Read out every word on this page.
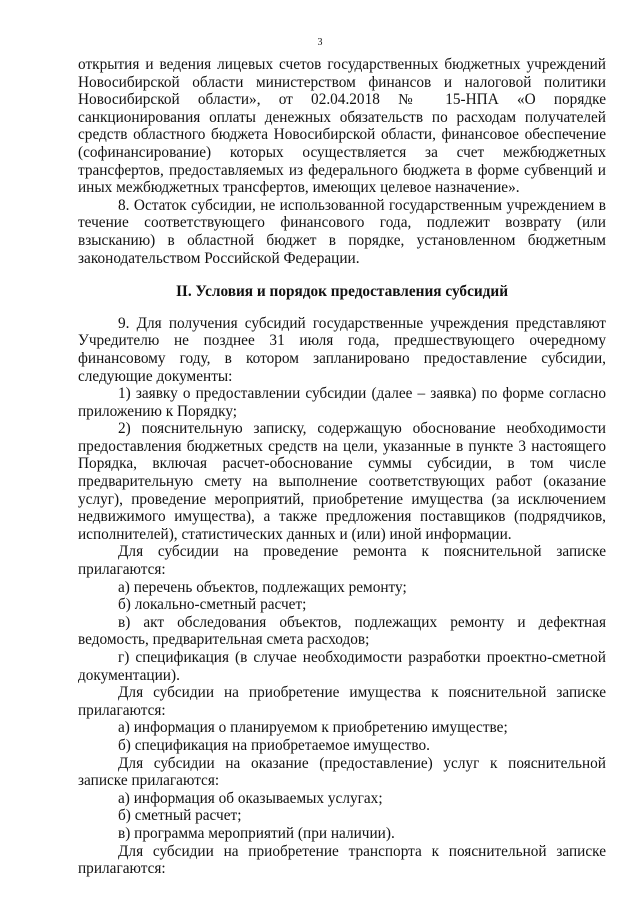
3

открытия и ведения лицевых счетов государственных бюджетных учреждений Новосибирской области министерством финансов и налоговой политики Новосибирской области», от 02.04.2018 № 15-НПА «О порядке санкционирования оплаты денежных обязательств по расходам получателей средств областного бюджета Новосибирской области, финансовое обеспечение (софинансирование) которых осуществляется за счет межбюджетных трансфертов, предоставляемых из федерального бюджета в форме субвенций и иных межбюджетных трансфертов, имеющих целевое назначение».

8. Остаток субсидии, не использованной государственным учреждением в течение соответствующего финансового года, подлежит возврату (или взысканию) в областной бюджет в порядке, установленном бюджетным законодательством Российской Федерации.

II. Условия и порядок предоставления субсидий

9. Для получения субсидий государственные учреждения представляют Учредителю не позднее 31 июля года, предшествующего очередному финансовому году, в котором запланировано предоставление субсидии, следующие документы:

1) заявку о предоставлении субсидии (далее – заявка) по форме согласно приложению к Порядку;

2) пояснительную записку, содержащую обоснование необходимости предоставления бюджетных средств на цели, указанные в пункте 3 настоящего Порядка, включая расчет-обоснование суммы субсидии, в том числе предварительную смету на выполнение соответствующих работ (оказание услуг), проведение мероприятий, приобретение имущества (за исключением недвижимого имущества), а также предложения поставщиков (подрядчиков, исполнителей), статистических данных и (или) иной информации.

Для субсидии на проведение ремонта к пояснительной записке прилагаются:

а) перечень объектов, подлежащих ремонту;

б) локально-сметный расчет;

в) акт обследования объектов, подлежащих ремонту и дефектная ведомость, предварительная смета расходов;

г) спецификация (в случае необходимости разработки проектно-сметной документации).

Для субсидии на приобретение имущества к пояснительной записке прилагаются:

а) информация о планируемом к приобретению имуществе;

б) спецификация на приобретаемое имущество.

Для субсидии на оказание (предоставление) услуг к пояснительной записке прилагаются:

а) информация об оказываемых услугах;

б) сметный расчет;

в) программа мероприятий (при наличии).

Для субсидии на приобретение транспорта к пояснительной записке прилагаются:
